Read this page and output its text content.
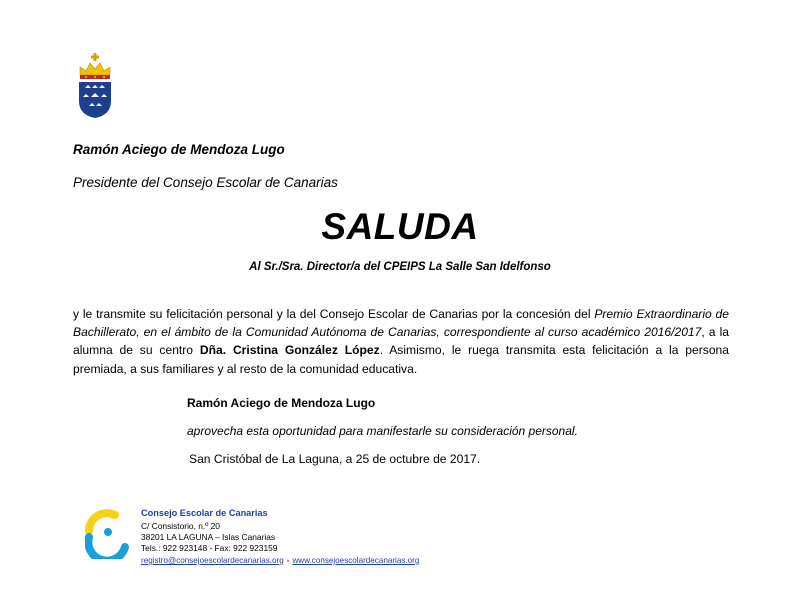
Ramón Aciego de Mendoza Lugo
Presidente del Consejo Escolar de Canarias
SALUDA
Al Sr./Sra. Director/a del CPEIPS La Salle San Idelfonso
y le transmite su felicitación personal y la del Consejo Escolar de Canarias por la concesión del Premio Extraordinario de Bachillerato, en el ámbito de la Comunidad Autónoma de Canarias, correspondiente al curso académico 2016/2017, a la alumna de su centro Dña. Cristina González López. Asimismo, le ruega transmita esta felicitación a la persona premiada, a sus familiares y al resto de la comunidad educativa.
Ramón Aciego de Mendoza Lugo
aprovecha esta oportunidad para manifestarle su consideración personal.
San Cristóbal de La Laguna, a 25 de octubre de 2017.
Consejo Escolar de Canarias
C/ Consistorio, n.º 20
38201 LA LAGUNA – Islas Canarias
Tels.: 922 923148 - Fax: 922 923159
registro@consejoescolardecanarias.org - www.consejoescolardecanarias.org
